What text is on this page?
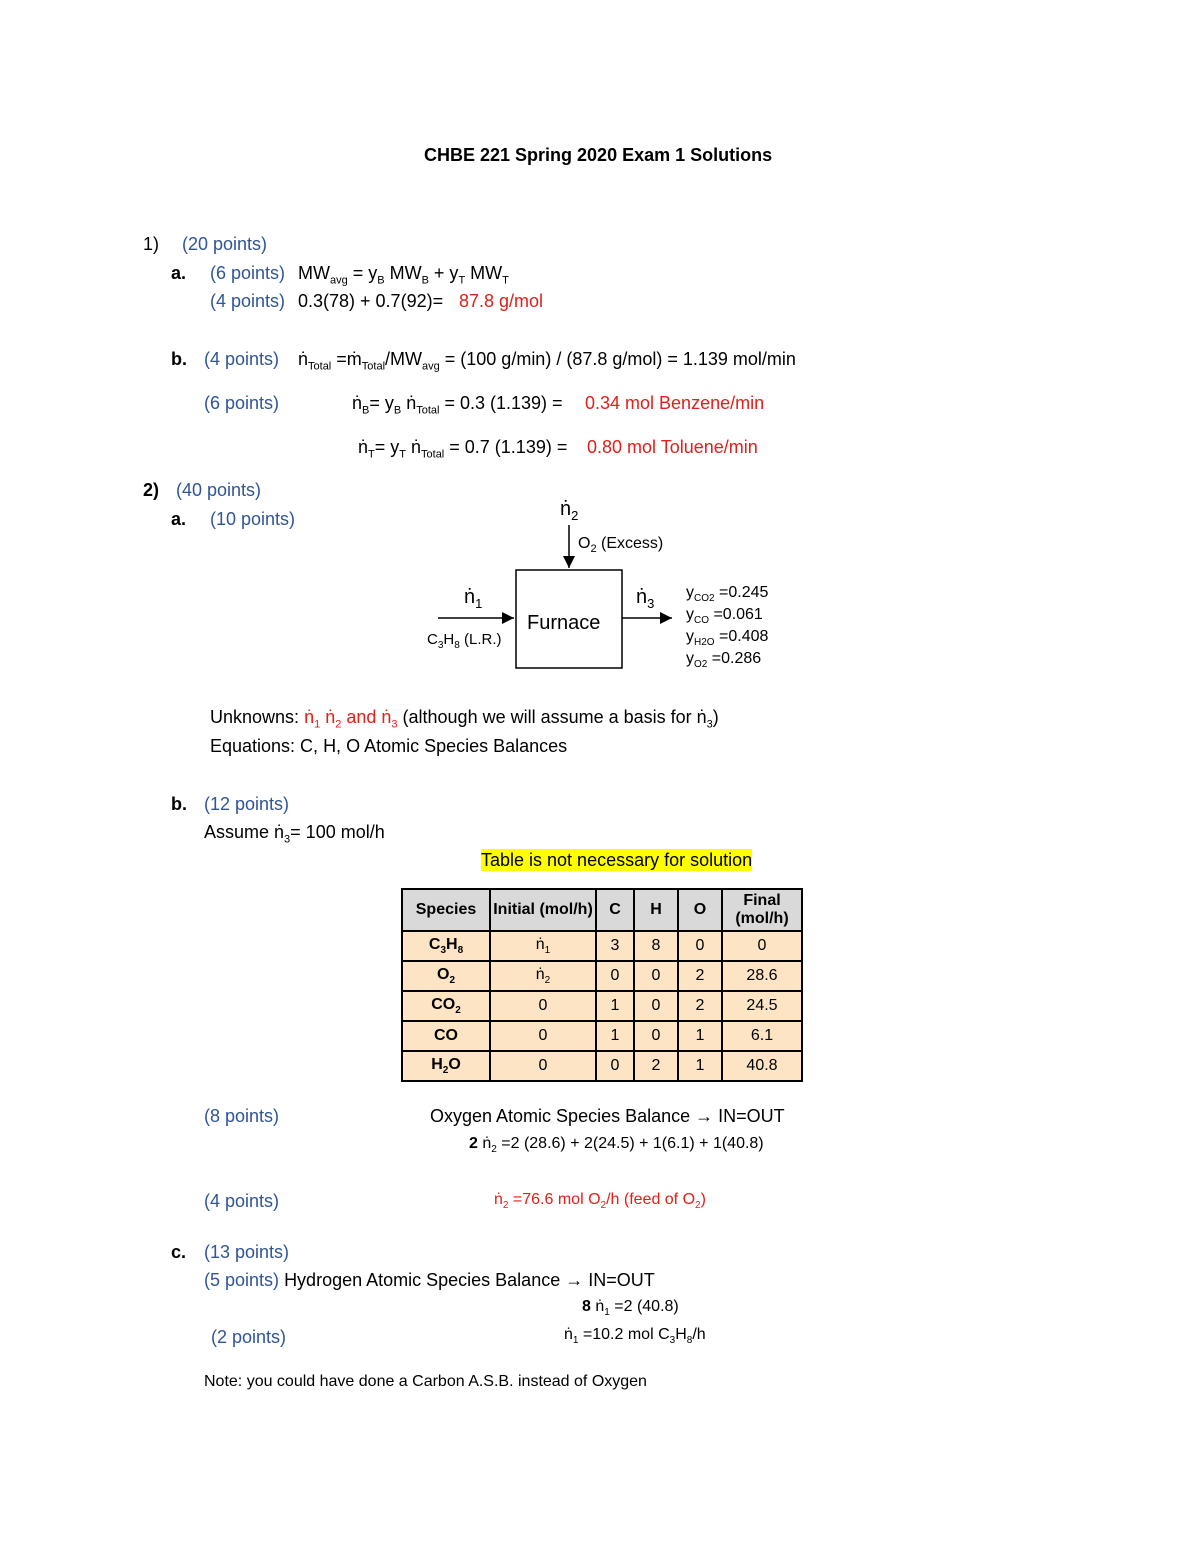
CHBE 221 Spring 2020 Exam 1 Solutions
1) (20 points)
a. (6 points) $MW_{avg} = y_B$ $MW_B + y_T$ $MW_T$
(4 points) 0.3(78) + 0.7(92)= 87.8 g/mol
b. (4 points) ṅ$_{Total}$ $=ṁ_{Total}/MW_{avg} = (100$ g/min) / (87.8 g/mol) = 1.139 mol/min
(6 points)	ṅ$_B$= $y_B$ ṅ$_{Total}$ = 0.3 (1.139) = 0.34 mol Benzene/min
ṅ$_T$= $y_T$ ṅ$_{Total}$ = 0.7 (1.139) = 0.80 mol Toluene/min
2) (40 points)
a. (10 points)	ṅ$_2$
$O_2$ (Excess)
ṅ$_1$
$C_3H_8$ (L.R.)
Furnace
ṅ$_3$
$y_{CO2} =0.245$
$y_{CO} =0.061$
$y_{H2O} =0.408$
$y_{O2} =0.286$
Unknowns: ṅ$_1$ ṅ$_2$ and ṅ$_3$ (although we will assume a basis for ṅ$_3$)
Equations: C, H, O Atomic Species Balances
b. (12 points)
Assume ṅ$_3$= 100 mol/h
Table is not necessary for solution
Species	Initial (mol/h)	C	H	O	Final (mol/h)
$C_3H_8$	ṅ$_1$	3	8	0	0
$O_2$	ṅ$_2$	0	0	2	28.6
$CO_2$	0	1	0	2	24.5
CO	0	1	0	1	6.1
$H_2O$	0	0	2	1	40.8
(8 points)	Oxygen Atomic Species Balance → IN=OUT
2 ṅ$_2$ =2 (28.6) + 2(24.5) + 1(6.1) + 1(40.8)
(4 points)	ṅ$_2$ =76.6 mol $O_2/h$ (feed of $O_2$)
c. (13 points)
(5 points) Hydrogen Atomic Species Balance → IN=OUT
8 ṅ$_1$ =2 (40.8)
(2 points)	ṅ$_1$ =10.2 mol $C_3H_8/h$
Note: you could have done a Carbon A.S.B. instead of Oxygen
